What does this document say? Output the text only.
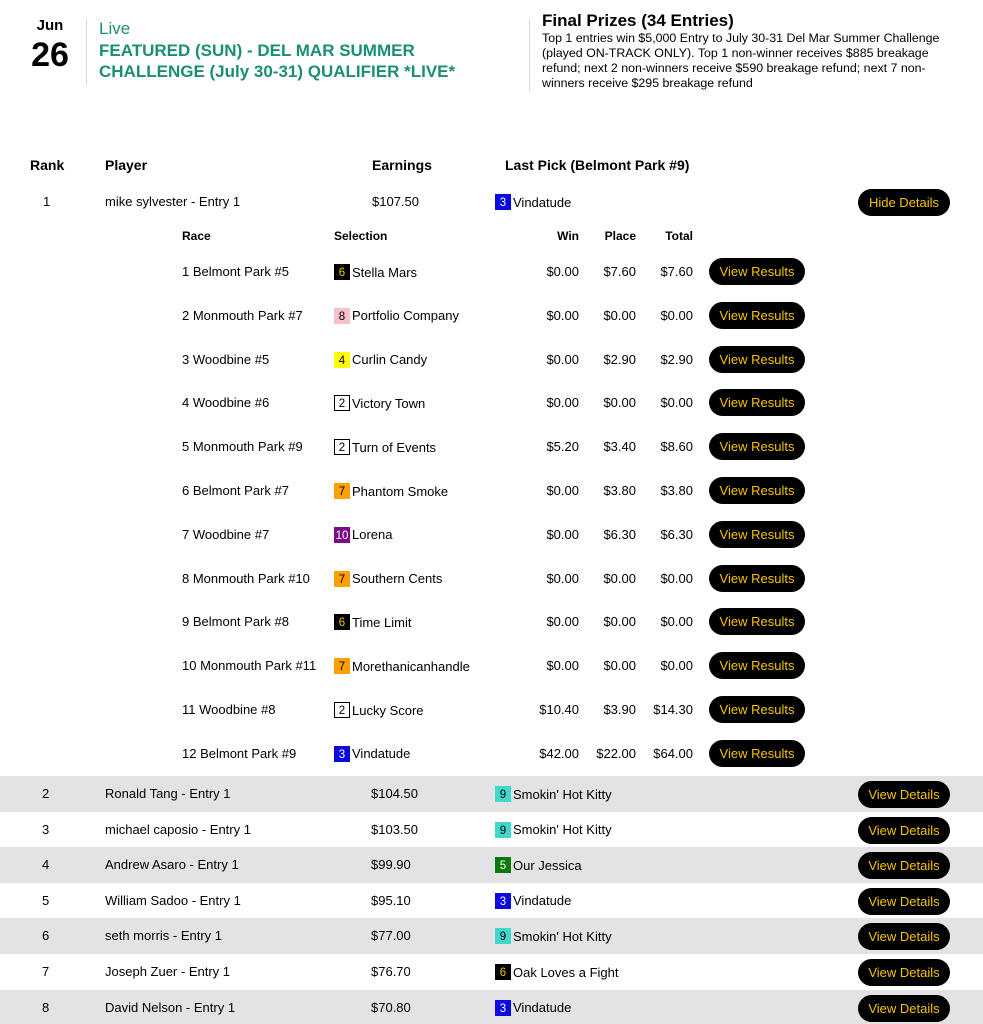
Jun
26
Live
FEATURED (SUN) - DEL MAR SUMMER CHALLENGE (July 30-31) QUALIFIER *LIVE*
Final Prizes (34 Entries)
Top 1 entries win $5,000 Entry to July 30-31 Del Mar Summer Challenge (played ON-TRACK ONLY). Top 1 non-winner receives $885 breakage refund; next 2 non-winners receive $590 breakage refund; next 7 non-winners receive $295 breakage refund
Rank	Player	Earnings	Last Pick (Belmont Park #9)
1	mike sylvester - Entry 1	$107.50	3 Vindatude	Hide Details
Race	Selection	Win	Place	Total
1 Belmont Park #5	6 Stella Mars	$0.00	$7.60	$7.60	View Results
2 Monmouth Park #7	8 Portfolio Company	$0.00	$0.00	$0.00	View Results
3 Woodbine #5	4 Curlin Candy	$0.00	$2.90	$2.90	View Results
4 Woodbine #6	2 Victory Town	$0.00	$0.00	$0.00	View Results
5 Monmouth Park #9	2 Turn of Events	$5.20	$3.40	$8.60	View Results
6 Belmont Park #7	7 Phantom Smoke	$0.00	$3.80	$3.80	View Results
7 Woodbine #7	10 Lorena	$0.00	$6.30	$6.30	View Results
8 Monmouth Park #10	7 Southern Cents	$0.00	$0.00	$0.00	View Results
9 Belmont Park #8	6 Time Limit	$0.00	$0.00	$0.00	View Results
10 Monmouth Park #11	7 Morethanicanhandle	$0.00	$0.00	$0.00	View Results
11 Woodbine #8	2 Lucky Score	$10.40	$3.90	$14.30	View Results
12 Belmont Park #9	3 Vindatude	$42.00	$22.00	$64.00	View Results
2	Ronald Tang - Entry 1	$104.50	9 Smokin' Hot Kitty	View Details
3	michael caposio - Entry 1	$103.50	9 Smokin' Hot Kitty	View Details
4	Andrew Asaro - Entry 1	$99.90	5 Our Jessica	View Details
5	William Sadoo - Entry 1	$95.10	3 Vindatude	View Details
6	seth morris - Entry 1	$77.00	9 Smokin' Hot Kitty	View Details
7	Joseph Zuer - Entry 1	$76.70	6 Oak Loves a Fight	View Details
8	David Nelson - Entry 1	$70.80	3 Vindatude	View Details
